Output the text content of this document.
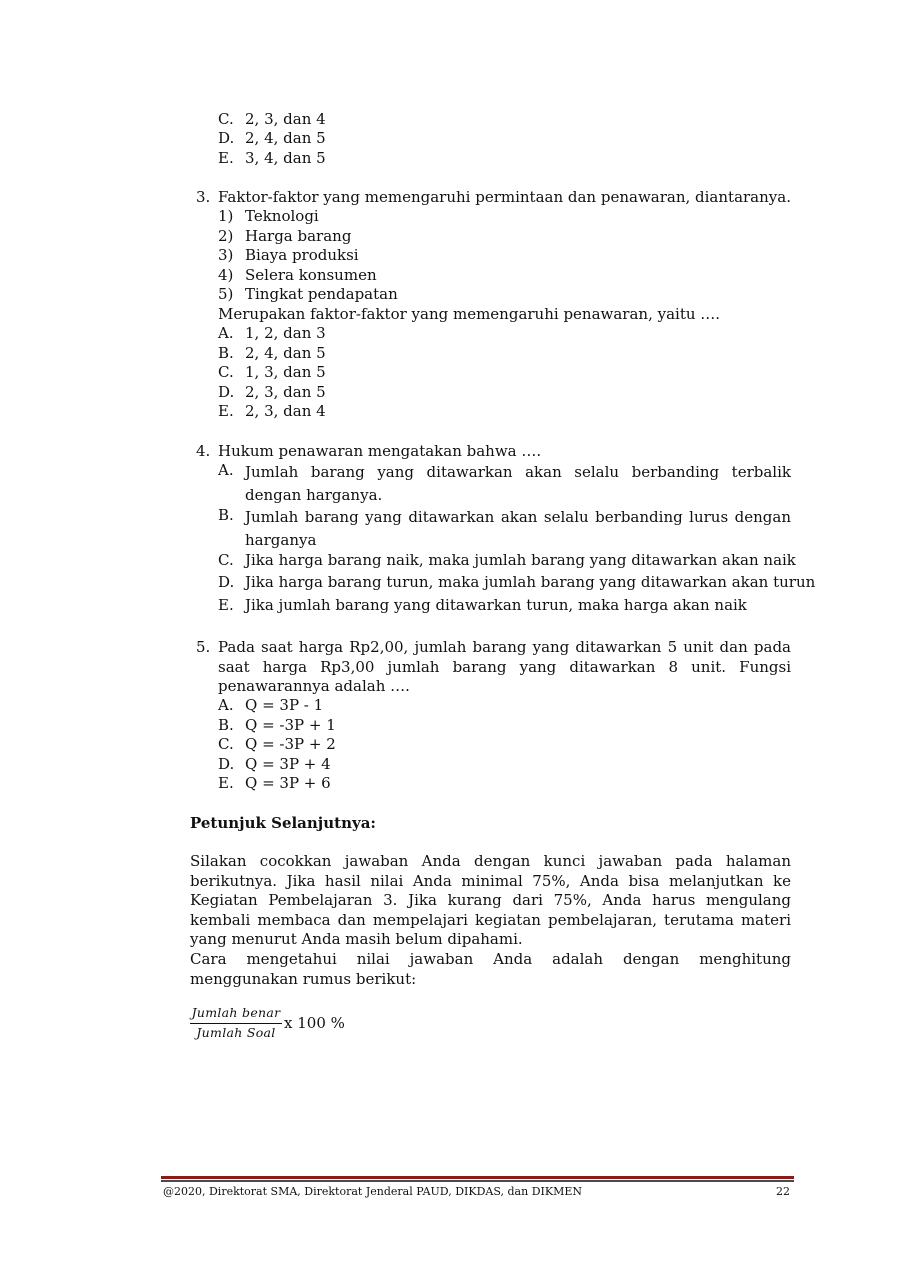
C. 2, 3, dan 4
D. 2, 4, dan 5
E. 3, 4, dan 5
3. Faktor-faktor yang memengaruhi permintaan dan penawaran, diantaranya.
1) Teknologi
2) Harga barang
3) Biaya produksi
4) Selera konsumen
5) Tingkat pendapatan
Merupakan faktor-faktor yang memengaruhi penawaran, yaitu ….
A. 1, 2, dan 3
B. 2, 4, dan 5
C. 1, 3, dan 5
D. 2, 3, dan 5
E. 2, 3, dan 4
4. Hukum penawaran mengatakan bahwa ….
A. Jumlah barang yang ditawarkan akan selalu berbanding terbalik dengan harganya.
B. Jumlah barang yang ditawarkan akan selalu berbanding lurus dengan harganya
C. Jika harga barang naik, maka jumlah barang yang ditawarkan akan naik
D. Jika harga barang turun, maka jumlah barang yang ditawarkan akan turun
E. Jika jumlah barang yang ditawarkan turun, maka harga akan naik
5. Pada saat harga Rp2,00, jumlah barang yang ditawarkan 5 unit dan pada saat harga Rp3,00 jumlah barang yang ditawarkan 8 unit. Fungsi penawarannya adalah ….
A. Q = 3P - 1
B. Q = -3P + 1
C. Q = -3P + 2
D. Q = 3P + 4
E. Q = 3P + 6
Petunjuk Selanjutnya:
Silakan cocokkan jawaban Anda dengan kunci jawaban pada halaman berikutnya. Jika hasil nilai Anda minimal 75%, Anda bisa melanjutkan ke Kegiatan Pembelajaran 3. Jika kurang dari 75%, Anda harus mengulang kembali membaca dan mempelajari kegiatan pembelajaran, terutama materi yang menurut Anda masih belum dipahami.
Cara mengetahui nilai jawaban Anda adalah dengan menghitung menggunakan rumus berikut:
Jumlah benar
Jumlah Soal
x 100 %
@2020, Direktorat SMA, Direktorat Jenderal PAUD, DIKDAS, dan DIKMEN	22
